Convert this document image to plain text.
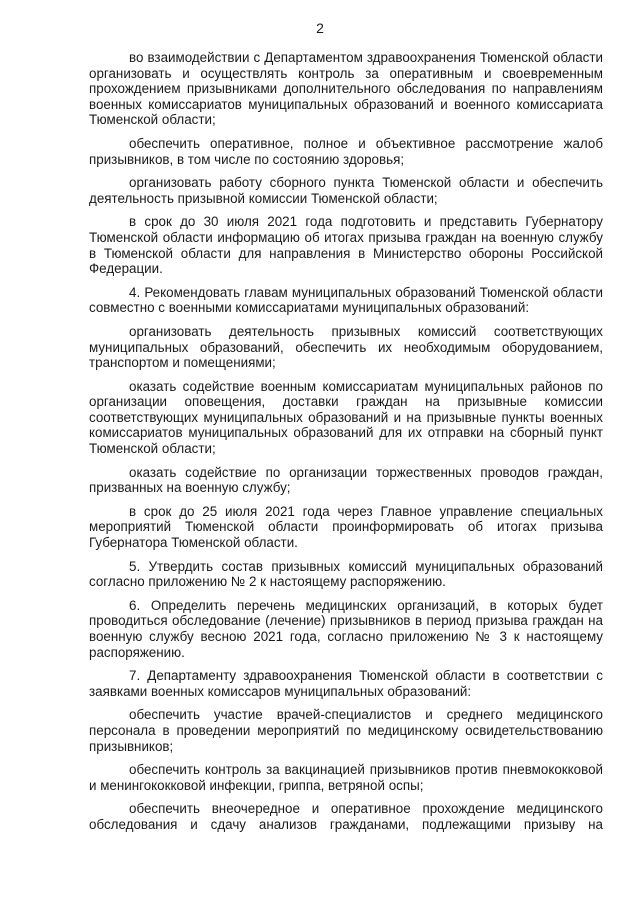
2

во взаимодействии с Департаментом здравоохранения Тюменской области организовать и осуществлять контроль за оперативным и своевременным прохождением призывниками дополнительного обследования по направлениям военных комиссариатов муниципальных образований и военного комиссариата Тюменской области;

обеспечить оперативное, полное и объективное рассмотрение жалоб призывников, в том числе по состоянию здоровья;

организовать работу сборного пункта Тюменской области и обеспечить деятельность призывной комиссии Тюменской области;

в срок до 30 июля 2021 года подготовить и представить Губернатору Тюменской области информацию об итогах призыва граждан на военную службу в Тюменской области для направления в Министерство обороны Российской Федерации.

4. Рекомендовать главам муниципальных образований Тюменской области совместно с военными комиссариатами муниципальных образований:

организовать деятельность призывных комиссий соответствующих муниципальных образований, обеспечить их необходимым оборудованием, транспортом и помещениями;

оказать содействие военным комиссариатам муниципальных районов по организации оповещения, доставки граждан на призывные комиссии соответствующих муниципальных образований и на призывные пункты военных комиссариатов муниципальных образований для их отправки на сборный пункт Тюменской области;

оказать содействие по организации торжественных проводов граждан, призванных на военную службу;

в срок до 25 июля 2021 года через Главное управление специальных мероприятий Тюменской области проинформировать об итогах призыва Губернатора Тюменской области.

5. Утвердить состав призывных комиссий муниципальных образований согласно приложению № 2 к настоящему распоряжению.

6. Определить перечень медицинских организаций, в которых будет проводиться обследование (лечение) призывников в период призыва граждан на военную службу весною 2021 года, согласно приложению № 3 к настоящему распоряжению.

7. Департаменту здравоохранения Тюменской области в соответствии с заявками военных комиссаров муниципальных образований:

обеспечить участие врачей-специалистов и среднего медицинского персонала в проведении мероприятий по медицинскому освидетельствованию призывников;

обеспечить контроль за вакцинацией призывников против пневмококковой и менингококковой инфекции, гриппа, ветряной оспы;

обеспечить внеочередное и оперативное прохождение медицинского обследования и сдачу анализов гражданами, подлежащими призыву на
